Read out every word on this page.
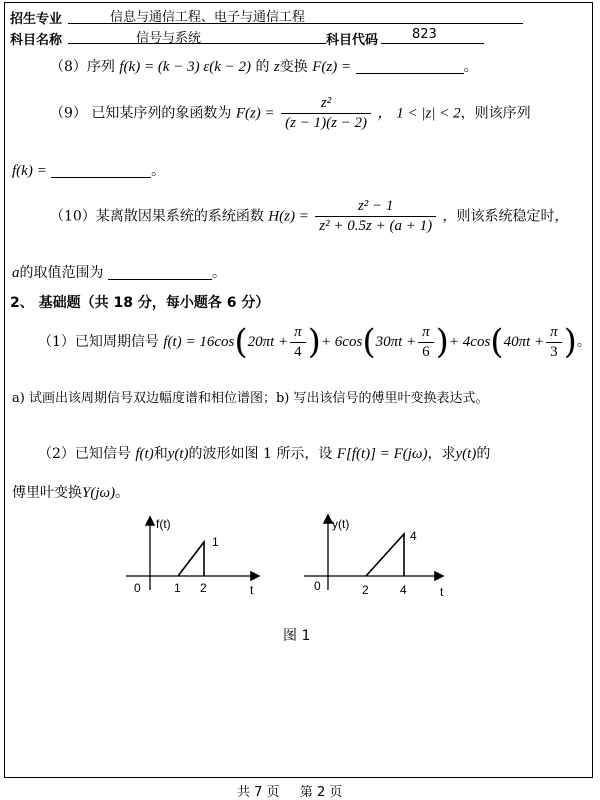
招生专业	信息与通信工程、电子与通信工程
科目名称	信号与系统	科目代码	823
（8）序列 f(k) = (k − 3) ε(k − 2) 的 z变换 F(z) =	。
（9） 已知某序列的象函数为 $F(z) = \frac{\text{z²}}{(z - 1)(z - 2)}$ ， 1 < |z| < 2，则该序列
f(k) =	。
（10）某离散因果系统的系统函数 $H(z) = \frac{\text{z² − 1}}{\text{z² + 0.5z + (a + 1)}}$ ，则该系统稳定时，
a的取值范围为	。
2、 基础题（共 18 分，每小题各 6 分）
（1）已知周期信号 $f(t) = 16\cos(20\pi t + \frac{\pi}{4}$ )+ $6\cos(30\pi t + \frac{\pi}{6}$ )+ $4\cos(40\pi t + \frac{\pi}{3}$ )。
a) 试画出该周期信号双边幅度谱和相位谱图；b) 写出该信号的傅里叶变换表达式。
（2）已知信号 f(t)和y(t)的波形如图 1 所示，设 F[f(t)] = F(jω)，求y(t)的
傅里叶变换Y(jω)。
f(t)
0	1 2
1
t
y(t)
0	2	4
4
t
图 1
共 7 页 第 2 页
